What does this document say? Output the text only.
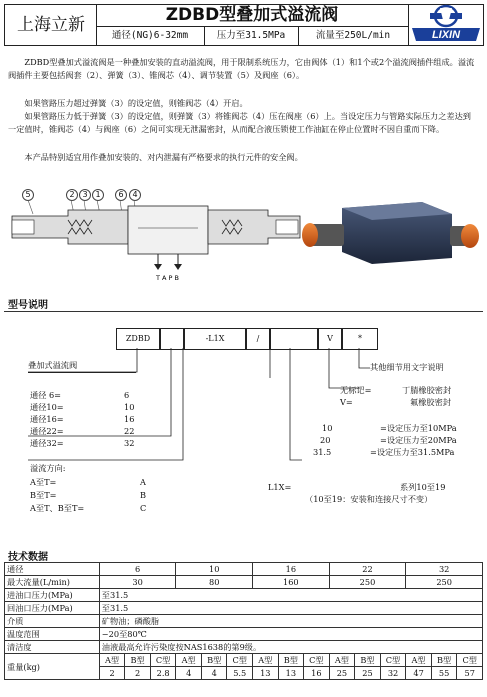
上海立新	ZDBD型叠加式溢流阀
通径(NG)6-32mm	压力至31.5MPa	流量至250L/min	LIXIN
ZDBD型叠加式溢流阀是一种叠加安装的直动溢流阀，用于限制系统压力，它由阀体（1）和1个或2个溢流阀插件组成。溢流阀插件主要包括阀套（2）、弹簧（3）、锥阀芯（4）、调节装置（5）及阀座（6）。
如果管路压力超过弹簧（3）的设定值，则锥阀芯（4）开启。
如果管路压力低于弹簧（3）的设定值，则弹簧（3）将锥阀芯（4）压在阀座（6）上。当设定压力与管路实际压力之差达到一定值时，锥阀芯（4）与阀座（6）之间可实现无泄漏密封，从而配合液压锁使工作油缸在停止位置时不因自重而下降。
本产品特别适宜用作叠加安装的、对内泄漏有严格要求的执行元件的安全阀。
5	2 3 1	6	4
T A P B
型号说明
ZDBD	-L1X	/	V	*
叠加式溢流阀
通径 6=
通径10=
通径16=
通径22=
通径32=
6
10
16
22
32
溢流方向:
A至T=
B至T=
A至T、B至T=
A
B
C
其他细节用文字说明
无标记=
V=
丁腈橡胶密封
氟橡胶密封
10
20
31.5
=设定压力至10MPa
=设定压力至20MPa
=设定压力至31.5MPa
L1X=	系列10至19
（10至19：安装和连接尺寸不变）
技术数据
通径	6			10			16			22			32		
最大流量(L/min)	30			80			160			250			250		
进油口压力(MPa)	至31.5														
回油口压力(MPa)	至31.5														
介质	矿物油；磷酸脂														
温度范围	−20至80℃														
清洁度	油液最高允许污染度按NAS1638的第9级。														
重量(kg)	A型	B型	C型	A型	B型	C型	A型	B型	C型	A型	B型	C型	A型	B型	C型
	2	2	2.8	4	4	5.5	13	13	16	25	25	32	47	55	57
